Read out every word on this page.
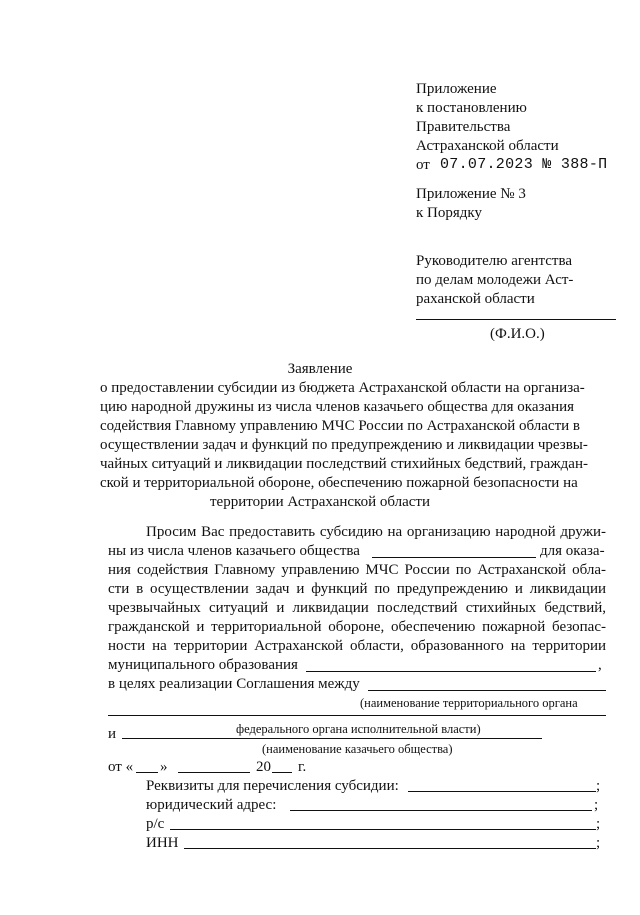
Приложение
к постановлению
Правительства
Астраханской области
от 07.07.2023 № 388-П
Приложение № 3
к Порядку
Руководителю агентства
по делам молодежи Аст-
раханской области
(Ф.И.О.)
Заявление
о предоставлении субсидии из бюджета Астраханской области на организа-
цию народной дружины из числа членов казачьего общества для оказания
содействия Главному управлению МЧС России по Астраханской области в
осуществлении задач и функций по предупреждению и ликвидации чрезвы-
чайных ситуаций и ликвидации последствий стихийных бедствий, граждан-
ской и территориальной обороне, обеспечению пожарной безопасности на
территории Астраханской области
Просим Вас предоставить субсидию на организацию народной дружи-
ны из числа членов казачьего общества	для оказа-
ния содействия Главному управлению МЧС России по Астраханской обла-
сти в осуществлении задач и функций по предупреждению и ликвидации
чрезвычайных ситуаций и ликвидации последствий стихийных бедствий,
гражданской и территориальной обороне, обеспечению пожарной безопас-
ности на территории Астраханской области, образованного на территории
муниципального образования	,
в целях реализации Соглашения между
(наименование территориального органа
федерального органа исполнительной власти)
и
(наименование казачьего общества)
от « »	20 г.
Реквизиты для перечисления субсидии:	;
юридический адрес:	;
р/с	;
ИНН	;
